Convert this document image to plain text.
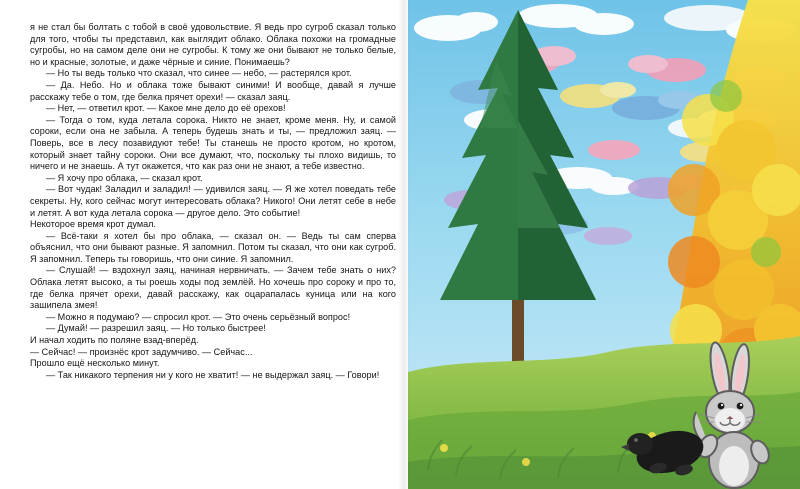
я не стал бы болтать с тобой в своё удовольствие. Я ведь про сугроб сказал только для того, чтобы ты представил, как выглядит облако. Облака похожи на громадные сугробы, но на самом деле они не сугробы. К тому же они бывают не только белые, но и красные, золотые, и даже чёрные и синие. Понимаешь?

— Но ты ведь только что сказал, что синее — небо, — растерялся крот.

— Да. Небо. Но и облака тоже бывают синими! И вообще, давай я лучше расскажу тебе о том, где белка прячет орехи! — сказал заяц.

— Нет, — ответил крот. — Какое мне дело до её орехов!

— Тогда о том, куда летала сорока. Никто не знает, кроме меня. Ну, и самой сороки, если она не забыла. А теперь будешь знать и ты, — предложил заяц. — Поверь, все в лесу позавидуют тебе! Ты станешь не просто кротом, но кротом, который знает тайну сороки. Они все думают, что, поскольку ты плохо видишь, то ничего и не знаешь. А тут окажется, что как раз они не знают, а тебе известно.

— Я хочу про облака, — сказал крот.

— Вот чудак! Заладил и заладил! — удивился заяц. — Я же хотел поведать тебе секреты. Ну, кого сейчас могут интересовать облака? Никого! Они летят себе в небе и летят. А вот куда летала сорока — другое дело. Это событие!

Некоторое время крот думал.

— Всё-таки я хотел бы про облака, — сказал он. — Ведь ты сам сперва объяснил, что они бывают разные. Я запомнил. Потом ты сказал, что они как сугроб. Я запомнил. Теперь ты говоришь, что они синие. Я запомнил.

— Слушай! — вздохнул заяц, начиная нервничать. — Зачем тебе знать о них? Облака летят высоко, а ты роешь ходы под землёй. Но хочешь про сороку и про то, где белка прячет орехи, давай расскажу, как оцарапалась куница или на кого зашипела змея!

— Можно я подумаю? — спросил крот. — Это очень серьёзный вопрос!

— Думай! — разрешил заяц. — Но только быстрее!

И начал ходить по поляне взад-вперёд.

— Сейчас! — произнёс крот задумчиво. — Сейчас...

Прошло ещё несколько минут.

— Так никакого терпения ни у кого не хватит! — не выдержал заяц. — Говори!
